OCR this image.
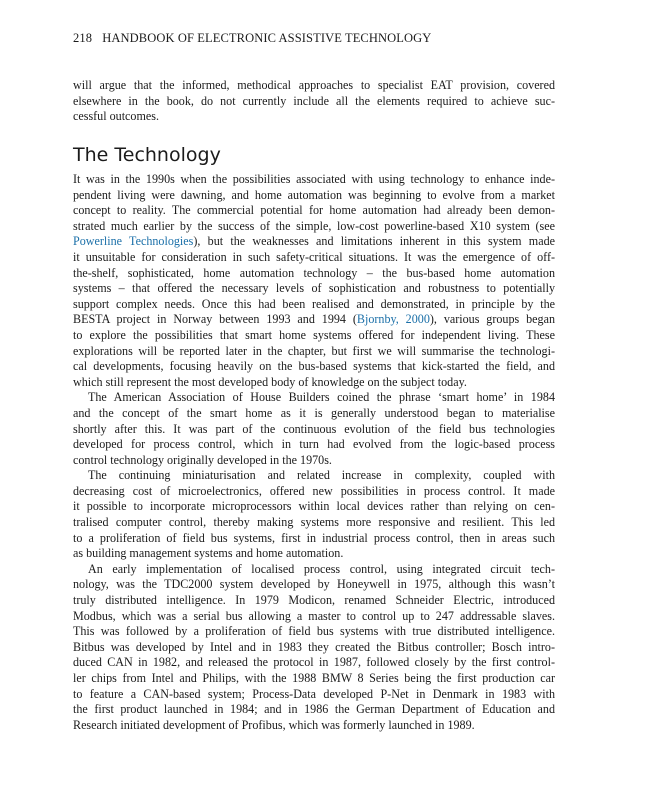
218 HANDBOOK OF ELECTRONIC ASSISTIVE TECHNOLOGY
will argue that the informed, methodical approaches to specialist EAT provision, covered
elsewhere in the book, do not currently include all the elements required to achieve suc-
cessful outcomes.
The Technology
It was in the 1990s when the possibilities associated with using technology to enhance inde-
pendent living were dawning, and home automation was beginning to evolve from a market
concept to reality. The commercial potential for home automation had already been demon-
strated much earlier by the success of the simple, low-cost powerline-based X10 system (see
Powerline Technologies), but the weaknesses and limitations inherent in this system made
it unsuitable for consideration in such safety-critical situations. It was the emergence of off-
the-shelf, sophisticated, home automation technology – the bus-based home automation
systems – that offered the necessary levels of sophistication and robustness to potentially
support complex needs. Once this had been realised and demonstrated, in principle by the
BESTA project in Norway between 1993 and 1994 (Bjornby, 2000), various groups began
to explore the possibilities that smart home systems offered for independent living. These
explorations will be reported later in the chapter, but first we will summarise the technologi-
cal developments, focusing heavily on the bus-based systems that kick-started the field, and
which still represent the most developed body of knowledge on the subject today.
The American Association of House Builders coined the phrase ‘smart home’ in 1984
and the concept of the smart home as it is generally understood began to materialise
shortly after this. It was part of the continuous evolution of the field bus technologies
developed for process control, which in turn had evolved from the logic-based process
control technology originally developed in the 1970s.
The continuing miniaturisation and related increase in complexity, coupled with
decreasing cost of microelectronics, offered new possibilities in process control. It made
it possible to incorporate microprocessors within local devices rather than relying on cen-
tralised computer control, thereby making systems more responsive and resilient. This led
to a proliferation of field bus systems, first in industrial process control, then in areas such
as building management systems and home automation.
An early implementation of localised process control, using integrated circuit tech-
nology, was the TDC2000 system developed by Honeywell in 1975, although this wasn’t
truly distributed intelligence. In 1979 Modicon, renamed Schneider Electric, introduced
Modbus, which was a serial bus allowing a master to control up to 247 addressable slaves.
This was followed by a proliferation of field bus systems with true distributed intelligence.
Bitbus was developed by Intel and in 1983 they created the Bitbus controller; Bosch intro-
duced CAN in 1982, and released the protocol in 1987, followed closely by the first control-
ler chips from Intel and Philips, with the 1988 BMW 8 Series being the first production car
to feature a CAN-based system; Process-Data developed P-Net in Denmark in 1983 with
the first product launched in 1984; and in 1986 the German Department of Education and
Research initiated development of Profibus, which was formerly launched in 1989.
